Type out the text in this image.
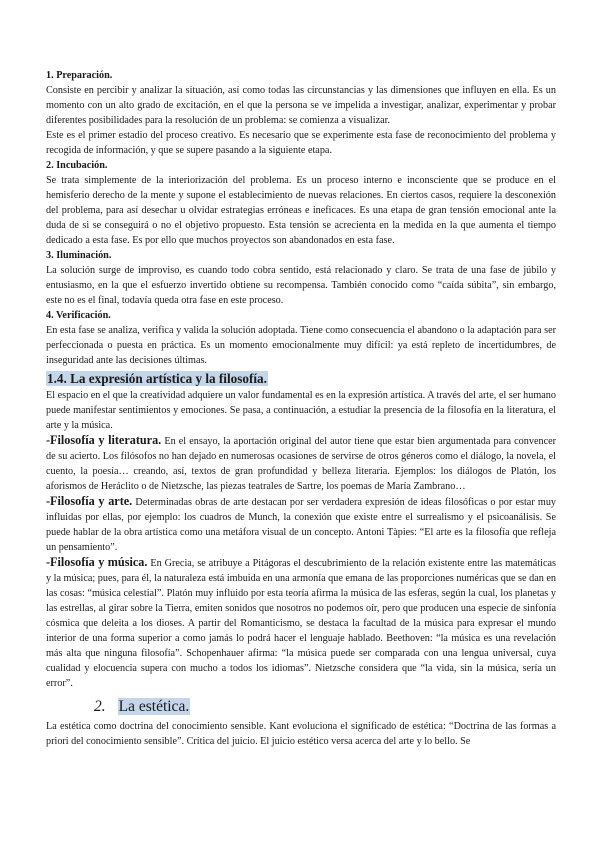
1. Preparación.

Consiste en percibir y analizar la situación, así como todas las circunstancias y las dimensiones que influyen en ella. Es un momento con un alto grado de excitación, en el que la persona se ve impelida a investigar, analizar, experimentar y probar diferentes posibilidades para la resolución de un problema: se comienza a visualizar.

Este es el primer estadio del proceso creativo. Es necesario que se experimente esta fase de reconocimiento del problema y recogida de información, y que se supere pasando a la siguiente etapa.

2. Incubación.

Se trata simplemente de la interiorización del problema. Es un proceso interno e inconsciente que se produce en el hemisferio derecho de la mente y supone el establecimiento de nuevas relaciones. En ciertos casos, requiere la desconexión del problema, para así desechar u olvidar estrategias erróneas e ineficaces. Es una etapa de gran tensión emocional ante la duda de si se conseguirá o no el objetivo propuesto. Esta tensión se acrecienta en la medida en la que aumenta el tiempo dedicado a esta fase. Es por ello que muchos proyectos son abandonados en esta fase.

3. Iluminación.

La solución surge de improviso, es cuando todo cobra sentido, está relacionado y claro. Se trata de una fase de júbilo y entusiasmo, en la que el esfuerzo invertido obtiene su recompensa. También conocido como “caída súbita”, sin embargo, este no es el final, todavía queda otra fase en este proceso.

4. Verificación.

En esta fase se analiza, verifica y valida la solución adoptada. Tiene como consecuencia el abandono o la adaptación para ser perfeccionada o puesta en práctica. Es un momento emocionalmente muy difícil: ya está repleto de incertidumbres, de inseguridad ante las decisiones últimas.

1.4. La expresión artística y la filosofía.

El espacio en el que la creatividad adquiere un valor fundamental es en la expresión artística. A través del arte, el ser humano puede manifestar sentimientos y emociones. Se pasa, a continuación, a estudiar la presencia de la filosofía en la literatura, el arte y la música.

-Filosofía y literatura. En el ensayo, la aportación original del autor tiene que estar bien argumentada para convencer de su acierto. Los filósofos no han dejado en numerosas ocasiones de servirse de otros géneros como el diálogo, la novela, el cuento, la poesía… creando, así, textos de gran profundidad y belleza literaria. Ejemplos: los diálogos de Platón, los aforismos de Heráclito o de Nietzsche, las piezas teatrales de Sartre, los poemas de María Zambrano…

-Filosofía y arte. Determinadas obras de arte destacan por ser verdadera expresión de ideas filosóficas o por estar muy influidas por ellas, por ejemplo: los cuadros de Munch, la conexión que existe entre el surrealismo y el psicoanálisis. Se puede hablar de la obra artística como una metáfora visual de un concepto. Antoni Tàpies: “El arte es la filosofía que refleja un pensamiento”.

-Filosofía y música. En Grecia, se atribuye a Pitágoras el descubrimiento de la relación existente entre las matemáticas y la música; pues, para él, la naturaleza está imbuida en una armonía que emana de las proporciones numéricas que se dan en las cosas: “música celestial”. Platón muy influido por esta teoría afirma la música de las esferas, según la cual, los planetas y las estrellas, al girar sobre la Tierra, emiten sonidos que nosotros no podemos oír, pero que producen una especie de sinfonía cósmica que deleita a los dioses. A partir del Romanticismo, se destaca la facultad de la música para expresar el mundo interior de una forma superior a como jamás lo podrá hacer el lenguaje hablado. Beethoven: “la música es una revelación más alta que ninguna filosofía”. Schopenhauer afirma: “la música puede ser comparada con una lengua universal, cuya cualidad y elocuencia supera con mucho a todos los idiomas”. Nietzsche considera que “la vida, sin la música, sería un error”.

2. La estética.

La estética como doctrina del conocimiento sensible. Kant evoluciona el significado de estética: “Doctrina de las formas a priori del conocimiento sensible”. Crítica del juicio. El juicio estético versa acerca del arte y lo bello. Se
